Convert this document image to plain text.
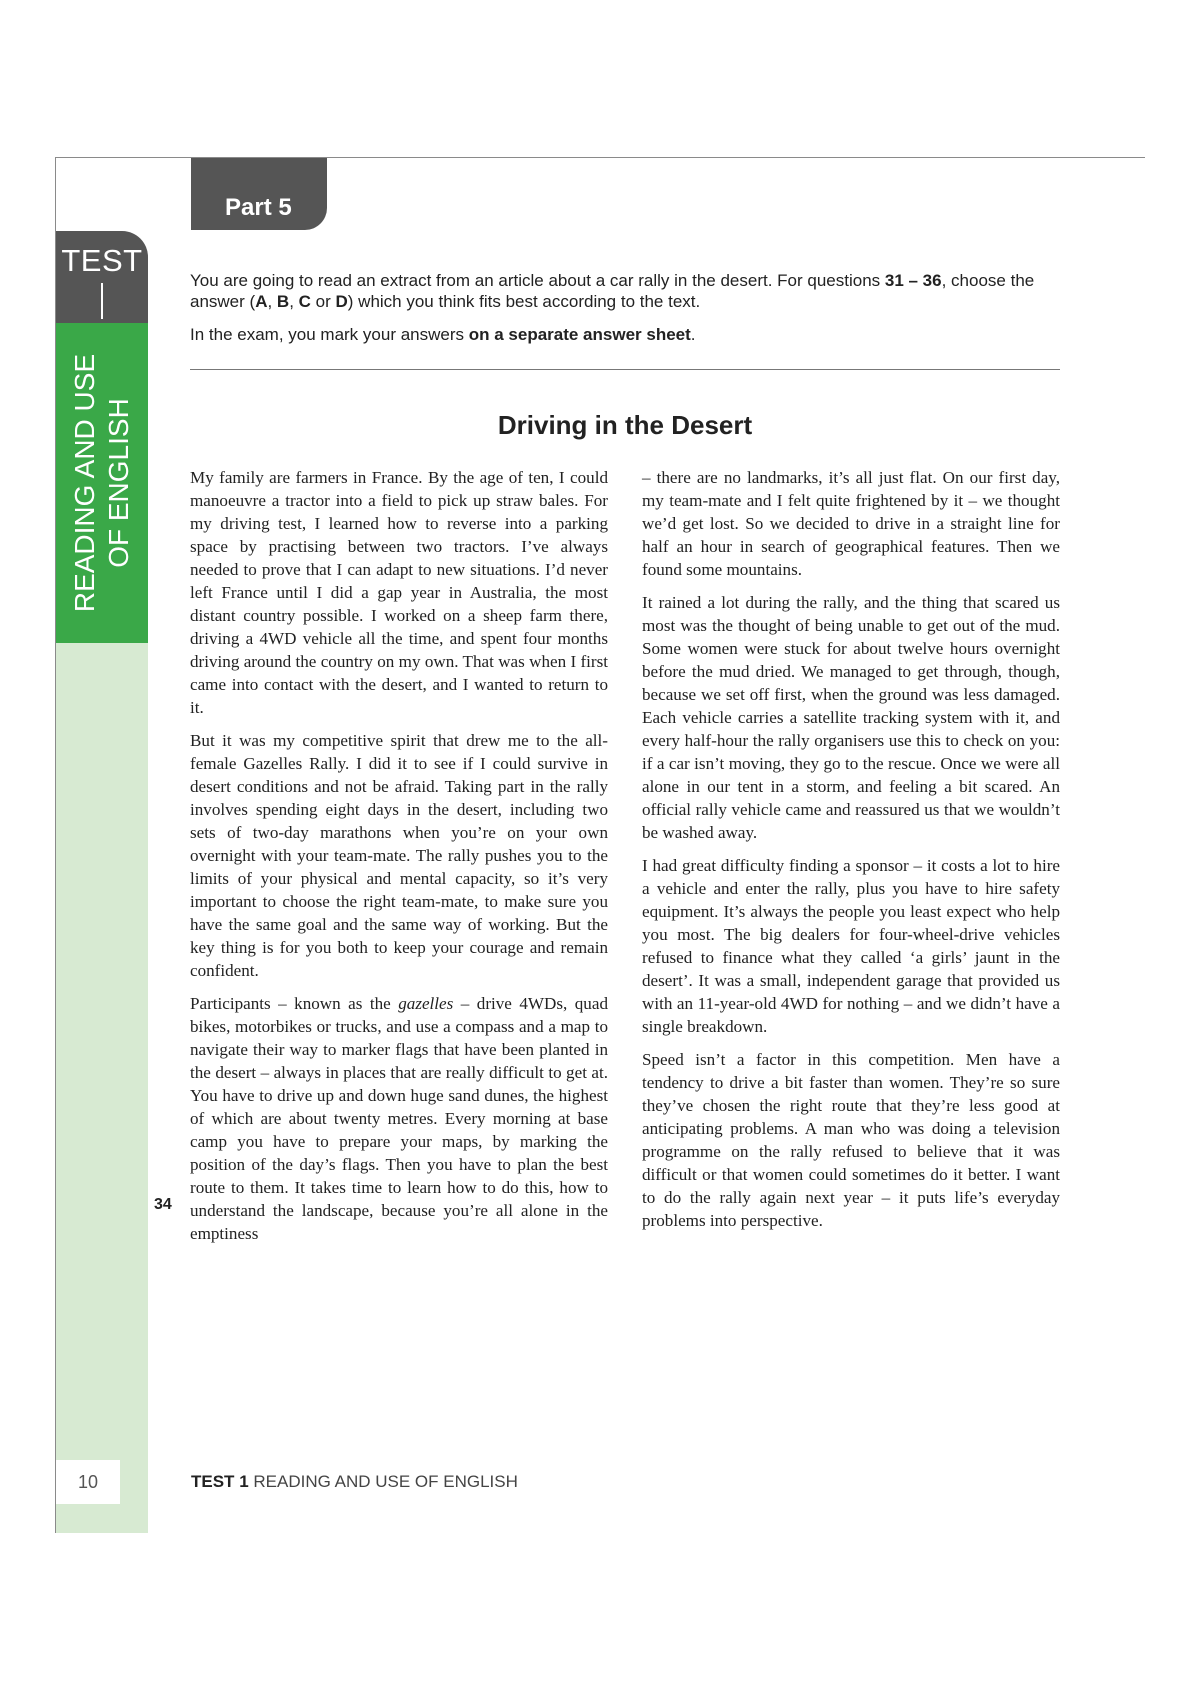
Part 5
TEST
READING AND USE OF ENGLISH
10

You are going to read an extract from an article about a car rally in the desert. For questions 31 – 36, choose the answer (A, B, C or D) which you think fits best according to the text.

In the exam, you mark your answers on a separate answer sheet.

Driving in the Desert

My family are farmers in France. By the age of ten, I could manoeuvre a tractor into a field to pick up straw bales. For my driving test, I learned how to reverse into a parking space by practising between two tractors. I’ve always needed to prove that I can adapt to new situations. I’d never left France until I did a gap year in Australia, the most distant country possible. I worked on a sheep farm there, driving a 4WD vehicle all the time, and spent four months driving around the country on my own. That was when I first came into contact with the desert, and I wanted to return to it.

But it was my competitive spirit that drew me to the all-female Gazelles Rally. I did it to see if I could survive in desert conditions and not be afraid. Taking part in the rally involves spending eight days in the desert, including two sets of two-day marathons when you’re on your own overnight with your team-mate. The rally pushes you to the limits of your physical and mental capacity, so it’s very important to choose the right team-mate, to make sure you have the same goal and the same way of working. But the key thing is for you both to keep your courage and remain confident.

Participants – known as the gazelles – drive 4WDs, quad bikes, motorbikes or trucks, and use a compass and a map to navigate their way to marker flags that have been planted in the desert – always in places that are really difficult to get at. You have to drive up and down huge sand dunes, the highest of which are about twenty metres. Every morning at base camp you have to prepare your maps, by marking the position of the day’s flags. Then you have to plan the best route to them. It takes time to learn how to do this, how to understand the landscape, because you’re all alone in the emptiness

34

– there are no landmarks, it’s all just flat. On our first day, my team-mate and I felt quite frightened by it – we thought we’d get lost. So we decided to drive in a straight line for half an hour in search of geographical features. Then we found some mountains.

It rained a lot during the rally, and the thing that scared us most was the thought of being unable to get out of the mud. Some women were stuck for about twelve hours overnight before the mud dried. We managed to get through, though, because we set off first, when the ground was less damaged. Each vehicle carries a satellite tracking system with it, and every half-hour the rally organisers use this to check on you: if a car isn’t moving, they go to the rescue. Once we were all alone in our tent in a storm, and feeling a bit scared. An official rally vehicle came and reassured us that we wouldn’t be washed away.

I had great difficulty finding a sponsor – it costs a lot to hire a vehicle and enter the rally, plus you have to hire safety equipment. It’s always the people you least expect who help you most. The big dealers for four-wheel-drive vehicles refused to finance what they called ‘a girls’ jaunt in the desert’. It was a small, independent garage that provided us with an 11-year-old 4WD for nothing – and we didn’t have a single breakdown.

Speed isn’t a factor in this competition. Men have a tendency to drive a bit faster than women. They’re so sure they’ve chosen the right route that they’re less good at anticipating problems. A man who was doing a television programme on the rally refused to believe that it was difficult or that women could sometimes do it better. I want to do the rally again next year – it puts life’s everyday problems into perspective.

TEST 1 READING AND USE OF ENGLISH
